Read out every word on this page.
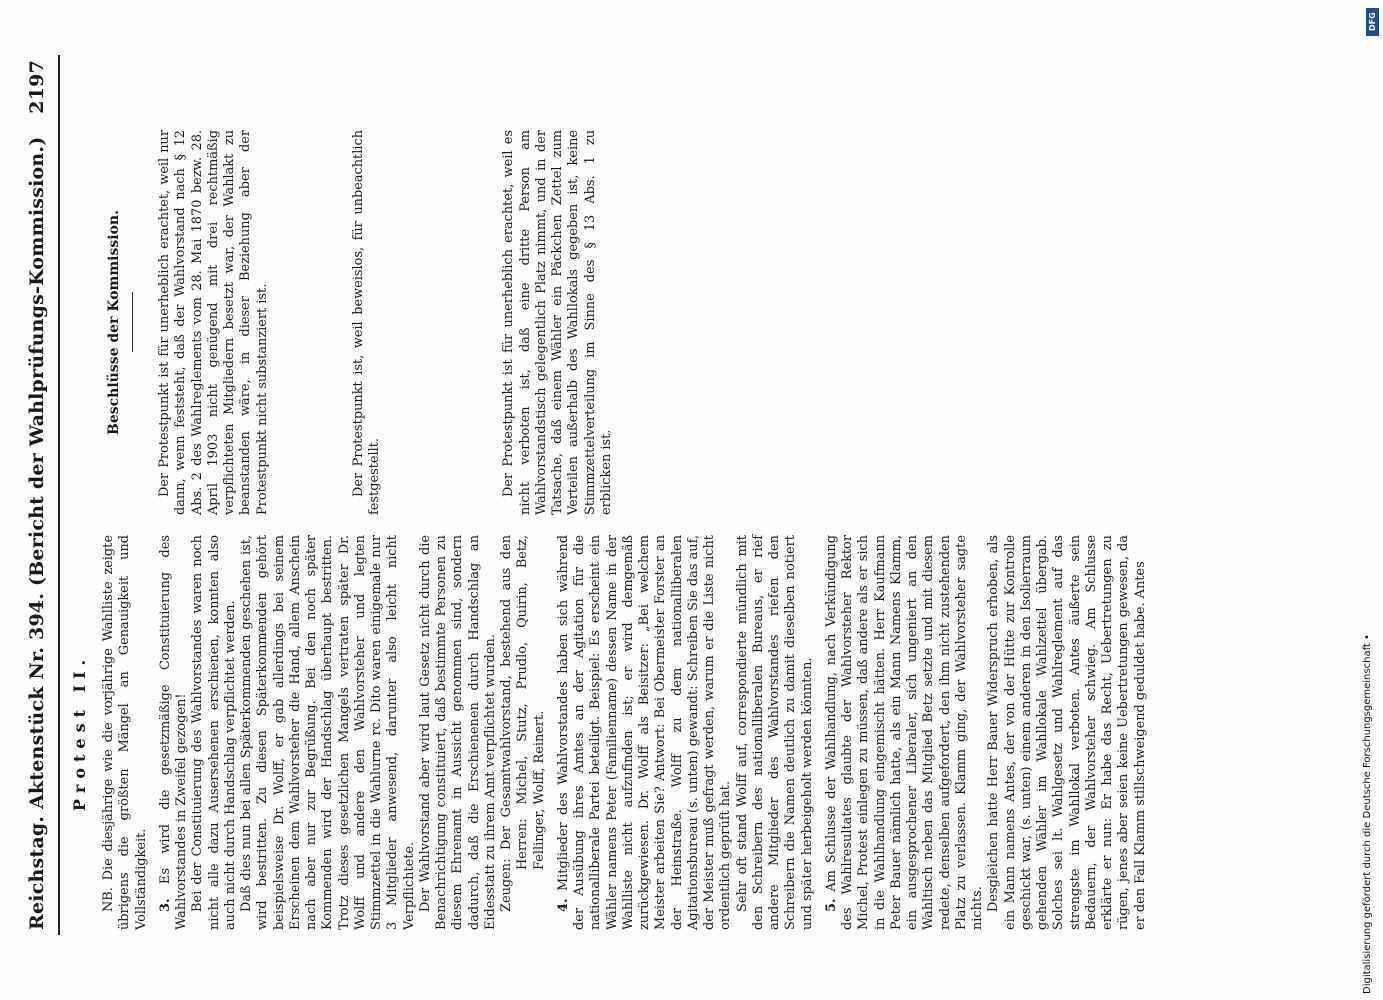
Reichstag. Aktenstück Nr. 394. (Bericht der Wahlprüfungs-Kommission.)
2197
Protest II. NB. Die diesjährige wie die vorjährige Wahlliste zeigte übrigens die größten Mängel an Genauigkeit und Vollständigkeit. 3. Es wird die gesetzmäßige Constituierung des Wahlvorstandes in Zweifel gezogen! Bei der Constituierung des Wahlvorstandes waren noch nicht alle dazu Ausersehenen erschienen, konnten also auch nicht durch Handschlag verpflichtet werden. Daß dies nun bei allen Späterkommenden geschehen ist, wird bestritten. Zu diesen Späterkommenden gehört beispielsweise Dr. Wolff, er gab allerdings bei seinem Erscheinen dem Wahlvorsteher die Hand, allem Anschein nach aber nur zur Begrüßung. Bei den noch später Kommenden wird der Handschlag überhaupt bestritten. Trotz dieses gesetzlichen Mangels vertraten später Dr. Wolff und andere den Wahlvorsteher und legten Stimmzettel in die Wahlurne rc. Dito waren einigemale nur 3 Mitglieder anwesend, darunter also leicht nicht Verpflichtete. Der Wahlvorstand aber wird laut Gesetz nicht durch die Benachrichtigung constituiert, daß bestimmte Personen zu diesem Ehrenamt in Aussicht genommen sind, sondern dadurch, daß die Erschienenen durch Handschlag an Eidesstatt zu ihrem Amt verpflichtet wurden. Zeugen: Der Gesamtwahlvorstand, bestehend aus den Herren: Michel, Stutz, Prudlo, Quirin, Betz, Fellinger, Wolff, Reinert.

4. Mitglieder des Wahlvorstandes haben sich während der Ausübung ihres Amtes an der Agitation für die nationalliberale Partei beteiligt. Beispiel: Es erscheint ein Wähler namens Peter (Familienname) dessen Name in der Wahlliste nicht aufzufinden ist; er wird demgemäß zurückgewiesen. Dr. Wolff als Beisitzer: „Bei welchem Meister arbeiten Sie? Antwort: Bei Obermeister Forster an der Heinstraße. Wolff zu dem nationalliberalen Agitationsbureau (s. unten) gewandt: Schreiben Sie das auf, der Meister muß gefragt werden, warum er die Liste nicht ordentlich geprüft hat. Sehr oft stand Wolff auf, correspondierte mündlich mit den Schreibern des nationalliberalen Bureaus, er rief andere Mitglieder des Wahlvorstandes riefen den Schreibern die Namen deutlich zu damit dieselben notiert und später herbeigeholt werden könnten. 5. Am Schlusse der Wahlhandlung, nach Verkündigung des Wahlresultates glaubte der Wahlvorsteher Rektor Michel, Protest einlegen zu müssen, daß andere als er sich in die Wahlhandlung eingemischt hätten. Herr Kaufmann Peter Bauer nämlich hatte, als ein Mann Namens Klamm, ein ausgesprochener Liberaler, sich ungeniert an den Wahltisch neben das Mitglied Betz setzte und mit diesem redete, denselben aufgefordert, den ihm nicht zustehenden Platz zu verlassen. Klamm ging, der Wahlvorsteher sagte nichts. Desgleichen hatte Herr Bauer Widerspruch erhoben, als ein Mann namens Antes, der von der Hütte zur Kontrolle geschickt war, (s. unten) einem anderen in den Isolierraum gehenden Wähler im Wahllokale Wahlzettel übergab. Solches sei lt. Wahlgesetz und Wahlreglement auf das strengste im Wahllokal verboten. Antes äußerte sein Bedauern, der Wahlvorsteher schwieg. Am Schlusse erklärte er nun: Er habe das Recht, Uebertretungen zu rügen, jenes aber seien keine Uebertretungen gewesen, da er den Fall Klamm stillschweigend geduldet habe. Antes

Beschlüsse der Kommission.	Der Protestpunkt ist für unerheblich erachtet, weil nur dann, wenn feststeht, daß der Wahlvorstand nach § 12 Abs. 2 des Wahlreglements vom 28. Mai 1870 bezw. 28. April 1903 nicht genügend mit drei rechtmäßig verpflichteten Mitgliedern besetzt war, der Wahlakt zu beanstanden wäre, in dieser Beziehung aber der Protestpunkt nicht substanziert ist.	Der Protestpunkt ist, weil beweislos, für unbeachtlich festgestellt.	Der Protestpunkt ist für unerheblich erachtet, weil es nicht verboten ist, daß eine dritte Person am Wahlvorstandstisch gelegentlich Platz nimmt, und in der Tatsache, daß einem Wähler ein Päckchen Zettel zum Verteilen außerhalb des Wahllokals gegeben ist, keine Stimmzettelverteilung im Sinne des § 13 Abs. 1 zu erblicken ist.

DFG
Digitalisierung gefördert durch die Deutsche Forschungsgemeinschaft •
